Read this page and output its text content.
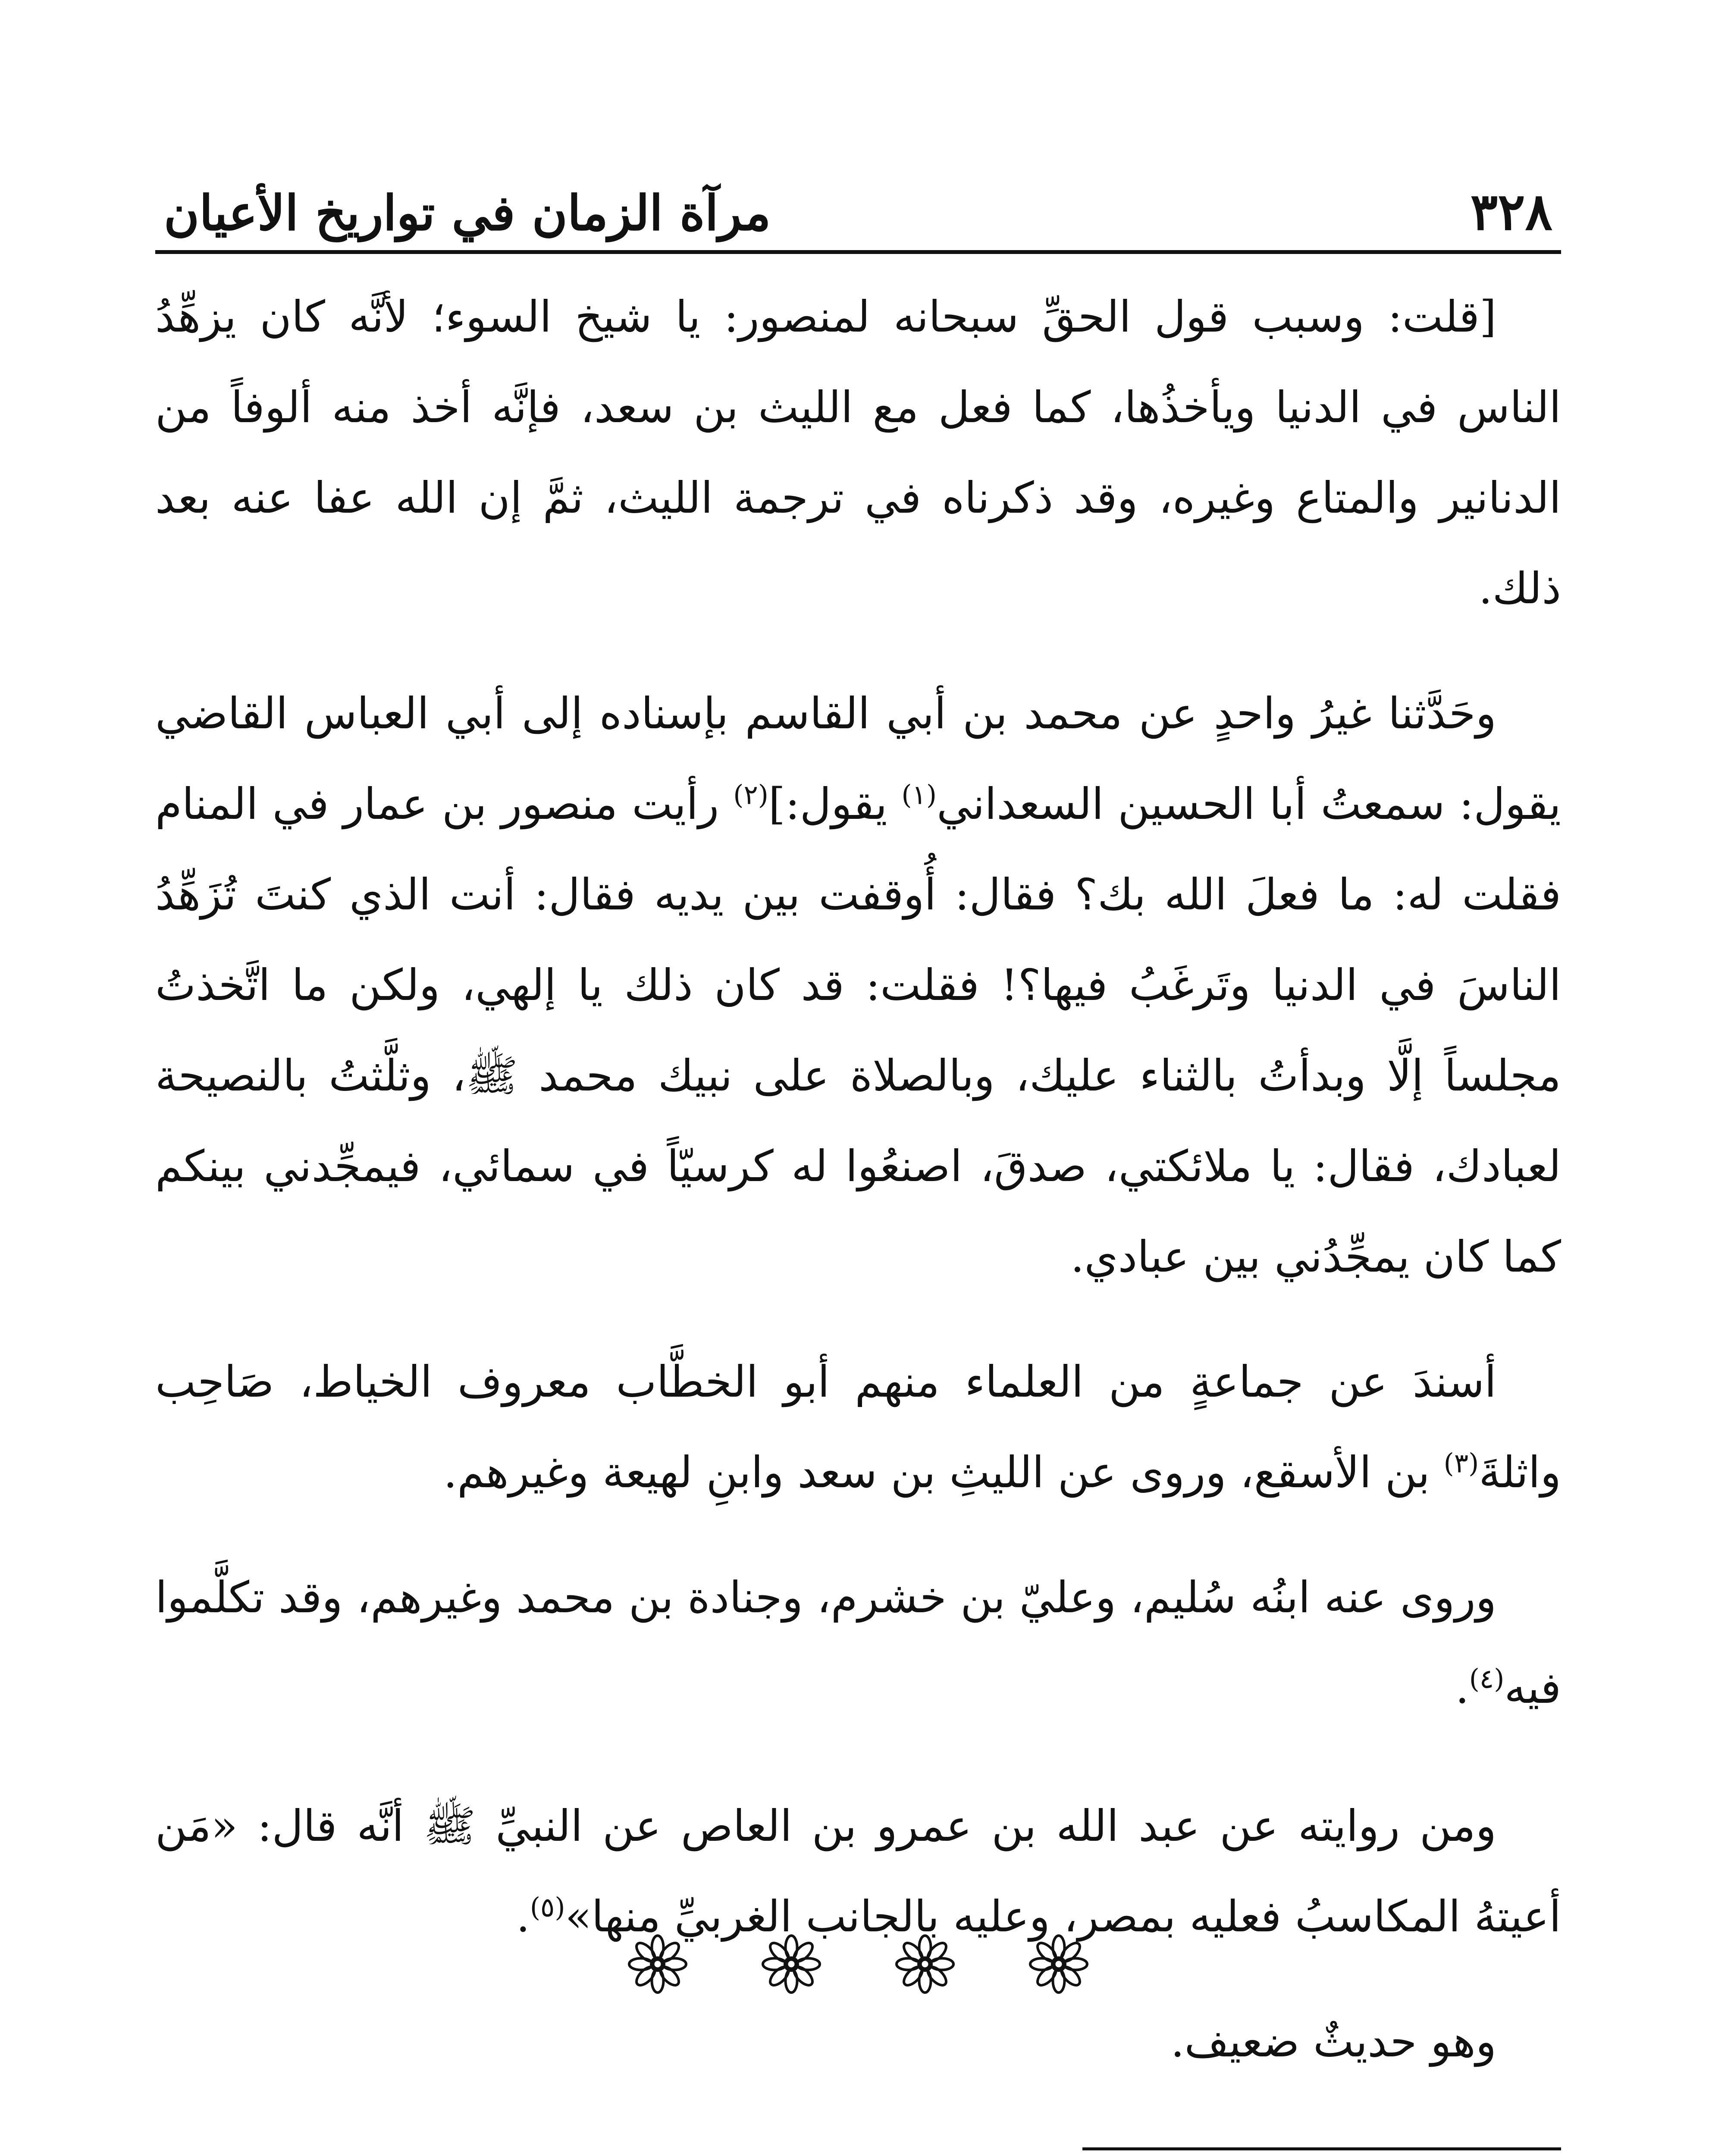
٣٢٨
مرآة الزمان في تواريخ الأعيان

[قلت: وسبب قول الحقِّ سبحانه لمنصور: يا شيخ السوء؛ لأنَّه كان يزهِّدُ الناس في الدنيا ويأخذُها، كما فعل مع الليث بن سعد، فإنَّه أخذ منه ألوفاً من الدنانير والمتاع وغيره، وقد ذكرناه في ترجمة الليث، ثمَّ إن الله عفا عنه بعد ذلك.

وحَدَّثنا غيرُ واحدٍ عن محمد بن أبي القاسم بإسناده إلى أبي العباس القاضي يقول: سمعتُ أبا الحسين السعداني$^{(١)}$ يقول:]$^{(٢)}$ رأيت منصور بن عمار في المنام فقلت له: ما فعلَ الله بك؟ فقال: أُوقفت بين يديه فقال: أنت الذي كنتَ تُزَهِّدُ الناسَ في الدنيا وتَرغَبُ فيها؟! فقلت: قد كان ذلك يا إلهي، ولكن ما اتَّخذتُ مجلساً إلَّا وبدأتُ بالثناء عليك، وبالصلاة على نبيك محمد ﷺ، وثلَّثتُ بالنصيحة لعبادك، فقال: يا ملائكتي، صدقَ، اصنعُوا له كرسيّاً في سمائي، فيمجِّدني بينكم كما كان يمجِّدُني بين عبادي.

أسندَ عن جماعةٍ من العلماء منهم أبو الخطَّاب معروف الخياط، صَاحِب واثلةَ$^{(٣)}$ بن الأسقع، وروى عن الليثِ بن سعد وابنِ لهيعة وغيرهم.

وروى عنه ابنُه سُليم، وعليّ بن خشرم، وجنادة بن محمد وغيرهم، وقد تكلَّموا فيه$^{(٤)}$.

ومن روايته عن عبد الله بن عمرو بن العاص عن النبيِّ ﷺ أنَّه قال: «مَن أعيتهُ المكاسبُ فعليه بمصر، وعليه بالجانب الغربيِّ منها»$^{(٥)}$.

وهو حديثٌ ضعيف.
